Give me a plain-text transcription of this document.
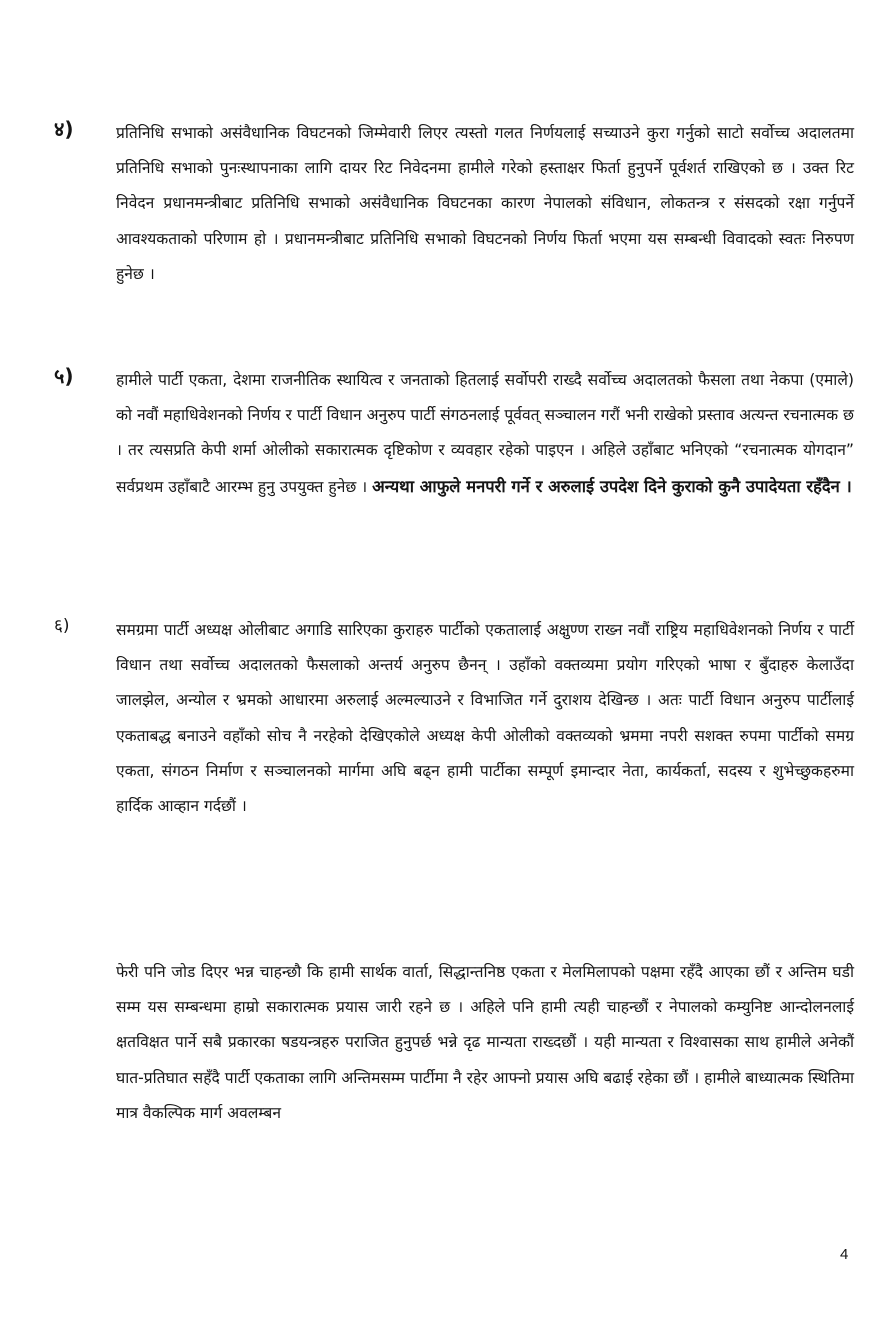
४)	प्रतिनिधि सभाको असंवैधानिक विघटनको जिम्मेवारी लिएर त्यस्तो गलत निर्णयलाई सच्याउने कुरा गर्नुको साटो सर्वोच्च अदालतमा प्रतिनिधि सभाको पुनःस्थापनाका लागि दायर रिट निवेदनमा हामीले गरेको हस्ताक्षर फिर्ता हुनुपर्ने पूर्वशर्त राखिएको छ । उक्त रिट निवेदन प्रधानमन्त्रीबाट प्रतिनिधि सभाको असंवैधानिक विघटनका कारण नेपालको संविधान, लोकतन्त्र र संसदको रक्षा गर्नुपर्ने आवश्यकताको परिणाम हो । प्रधानमन्त्रीबाट प्रतिनिधि सभाको विघटनको निर्णय फिर्ता भएमा यस सम्बन्धी विवादको स्वतः निरुपण हुनेछ ।
५)	हामीले पार्टी एकता, देशमा राजनीतिक स्थायित्व र जनताको हितलाई सर्वोपरी राख्दै सर्वोच्च अदालतको फैसला तथा नेकपा (एमाले) को नवौं महाधिवेशनको निर्णय र पार्टी विधान अनुरुप पार्टी संगठनलाई पूर्ववत् सञ्चालन गरौं भनी राखेको प्रस्ताव अत्यन्त रचनात्मक छ । तर त्यसप्रति केपी शर्मा ओलीको सकारात्मक दृष्टिकोण र व्यवहार रहेको पाइएन । अहिले उहाँबाट भनिएको “रचनात्मक योगदान” सर्वप्रथम उहाँबाटै आरम्भ हुनु उपयुक्त हुनेछ । अन्यथा आफुले मनपरी गर्ने र अरुलाई उपदेश दिने कुराको कुनै उपादेयता रहँदैन ।
६)	समग्रमा पार्टी अध्यक्ष ओलीबाट अगाडि सारिएका कुराहरु पार्टीको एकतालाई अक्षुण्ण राख्न नवौं राष्ट्रिय महाधिवेशनको निर्णय र पार्टी विधान तथा सर्वोच्च अदालतको फैसलाको अन्तर्य अनुरुप छैनन् । उहाँको वक्तव्यमा प्रयोग गरिएको भाषा र बुँदाहरु केलाउँदा जालझेल, अन्योल र भ्रमको आधारमा अरुलाई अल्मल्याउने र विभाजित गर्ने दुराशय देखिन्छ । अतः पार्टी विधान अनुरुप पार्टीलाई एकताबद्ध बनाउने वहाँको सोच नै नरहेको देखिएकोले अध्यक्ष केपी ओलीको वक्तव्यको भ्रममा नपरी सशक्त रुपमा पार्टीको समग्र एकता, संगठन निर्माण र सञ्चालनको मार्गमा अघि बढ्न हामी पार्टीका सम्पूर्ण इमान्दार नेता, कार्यकर्ता, सदस्य र शुभेच्छुकहरुमा हार्दिक आव्हान गर्दछौं ।
फेरी पनि जोड दिएर भन्न चाहन्छौ कि हामी सार्थक वार्ता, सिद्धान्तनिष्ठ एकता र मेलमिलापको पक्षमा रहँदै आएका छौं र अन्तिम घडी सम्म यस सम्बन्धमा हाम्रो सकारात्मक प्रयास जारी रहने छ । अहिले पनि हामी त्यही चाहन्छौं र नेपालको कम्युनिष्ट आन्दोलनलाई क्षतविक्षत पार्ने सबै प्रकारका षडयन्त्रहरु पराजित हुनुपर्छ भन्ने दृढ मान्यता राख्दछौं । यही मान्यता र विश्वासका साथ हामीले अनेकौं घात-प्रतिघात सहँदै पार्टी एकताका लागि अन्तिमसम्म पार्टीमा नै रहेर आफ्नो प्रयास अघि बढाई रहेका छौं । हामीले बाध्यात्मक स्थितिमा मात्र वैकल्पिक मार्ग अवलम्बन
4
